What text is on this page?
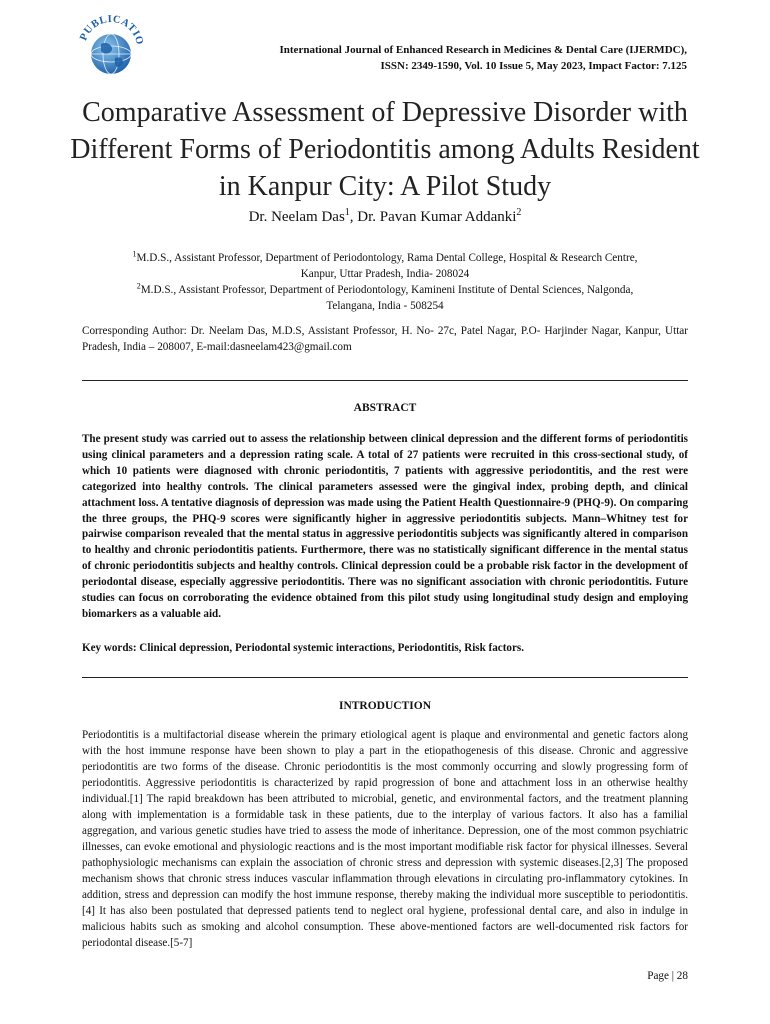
PUBLICATIO
International Journal of Enhanced Research in Medicines & Dental Care (IJERMDC),
ISSN: 2349-1590, Vol. 10 Issue 5, May 2023, Impact Factor: 7.125
Comparative Assessment of Depressive Disorder with Different Forms of Periodontitis among Adults Resident in Kanpur City: A Pilot Study
Dr. Neelam Das$^1$, Dr. Pavan Kumar Addanki$^2$
$^1$M.D.S., Assistant Professor, Department of Periodontology, Rama Dental College, Hospital & Research Centre,
Kanpur, Uttar Pradesh, India- 208024
$^2$M.D.S., Assistant Professor, Department of Periodontology, Kamineni Institute of Dental Sciences, Nalgonda,
Telangana, India - 508254
Corresponding Author: Dr. Neelam Das, M.D.S, Assistant Professor, H. No- 27c, Patel Nagar, P.O- Harjinder Nagar, Kanpur, Uttar Pradesh, India – 208007, E-mail:dasneelam423@gmail.com
ABSTRACT
The present study was carried out to assess the relationship between clinical depression and the different forms of periodontitis using clinical parameters and a depression rating scale. A total of 27 patients were recruited in this cross-sectional study, of which 10 patients were diagnosed with chronic periodontitis, 7 patients with aggressive periodontitis, and the rest were categorized into healthy controls. The clinical parameters assessed were the gingival index, probing depth, and clinical attachment loss. A tentative diagnosis of depression was made using the Patient Health Questionnaire-9 (PHQ-9). On comparing the three groups, the PHQ-9 scores were significantly higher in aggressive periodontitis subjects. Mann–Whitney test for pairwise comparison revealed that the mental status in aggressive periodontitis subjects was significantly altered in comparison to healthy and chronic periodontitis patients. Furthermore, there was no statistically significant difference in the mental status of chronic periodontitis subjects and healthy controls. Clinical depression could be a probable risk factor in the development of periodontal disease, especially aggressive periodontitis. There was no significant association with chronic periodontitis. Future studies can focus on corroborating the evidence obtained from this pilot study using longitudinal study design and employing biomarkers as a valuable aid.
Key words: Clinical depression, Periodontal systemic interactions, Periodontitis, Risk factors.
INTRODUCTION
Periodontitis is a multifactorial disease wherein the primary etiological agent is plaque and environmental and genetic factors along with the host immune response have been shown to play a part in the etiopathogenesis of this disease. Chronic and aggressive periodontitis are two forms of the disease. Chronic periodontitis is the most commonly occurring and slowly progressing form of periodontitis. Aggressive periodontitis is characterized by rapid progression of bone and attachment loss in an otherwise healthy individual.[1] The rapid breakdown has been attributed to microbial, genetic, and environmental factors, and the treatment planning along with implementation is a formidable task in these patients, due to the interplay of various factors. It also has a familial aggregation, and various genetic studies have tried to assess the mode of inheritance. Depression, one of the most common psychiatric illnesses, can evoke emotional and physiologic reactions and is the most important modifiable risk factor for physical illnesses. Several pathophysiologic mechanisms can explain the association of chronic stress and depression with systemic diseases.[2,3] The proposed mechanism shows that chronic stress induces vascular inflammation through elevations in circulating pro-inflammatory cytokines. In addition, stress and depression can modify the host immune response, thereby making the individual more susceptible to periodontitis.[4] It has also been postulated that depressed patients tend to neglect oral hygiene, professional dental care, and also in indulge in malicious habits such as smoking and alcohol consumption. These above-mentioned factors are well-documented risk factors for periodontal disease.[5-7]
Page | 28
